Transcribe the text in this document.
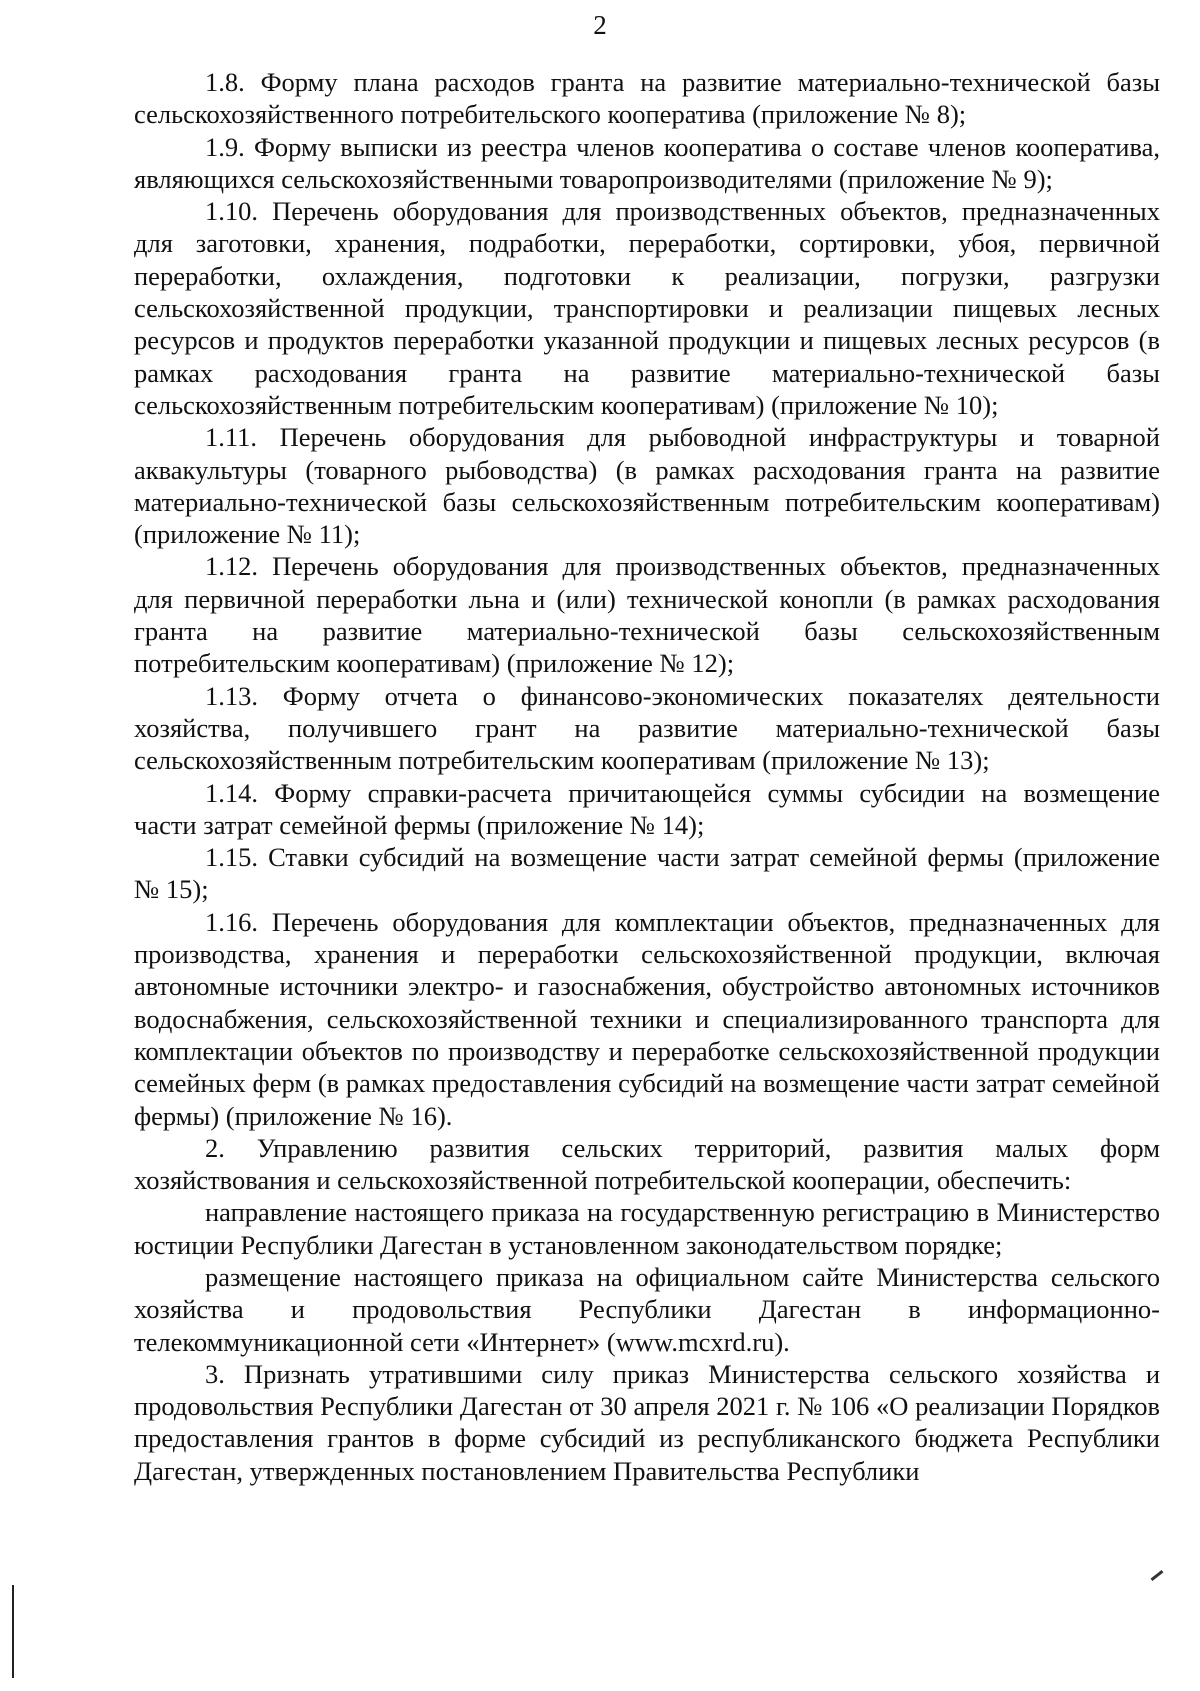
2

1.8. Форму плана расходов гранта на развитие материально-технической базы сельскохозяйственного потребительского кооператива (приложение № 8);

1.9. Форму выписки из реестра членов кооператива о составе членов кооператива, являющихся сельскохозяйственными товаропроизводителями (приложение № 9);

1.10. Перечень оборудования для производственных объектов, предназначенных для заготовки, хранения, подработки, переработки, сортировки, убоя, первичной переработки, охлаждения, подготовки к реализации, погрузки, разгрузки сельскохозяйственной продукции, транспортировки и реализации пищевых лесных ресурсов и продуктов переработки указанной продукции и пищевых лесных ресурсов (в рамках расходования гранта на развитие материально-технической базы сельскохозяйственным потребительским кооперативам) (приложение № 10);

1.11. Перечень оборудования для рыбоводной инфраструктуры и товарной аквакультуры (товарного рыбоводства) (в рамках расходования гранта на развитие материально-технической базы сельскохозяйственным потребительским кооперативам) (приложение № 11);

1.12. Перечень оборудования для производственных объектов, предназначенных для первичной переработки льна и (или) технической конопли (в рамках расходования гранта на развитие материально-технической базы сельскохозяйственным потребительским кооперативам) (приложение № 12);

1.13. Форму отчета о финансово-экономических показателях деятельности хозяйства, получившего грант на развитие материально-технической базы сельскохозяйственным потребительским кооперативам (приложение № 13);

1.14. Форму справки-расчета причитающейся суммы субсидии на возмещение части затрат семейной фермы (приложение № 14);

1.15. Ставки субсидий на возмещение части затрат семейной фермы (приложение № 15);

1.16. Перечень оборудования для комплектации объектов, предназначенных для производства, хранения и переработки сельскохозяйственной продукции, включая автономные источники электро- и газоснабжения, обустройство автономных источников водоснабжения, сельскохозяйственной техники и специализированного транспорта для комплектации объектов по производству и переработке сельскохозяйственной продукции семейных ферм (в рамках предоставления субсидий на возмещение части затрат семейной фермы) (приложение № 16).

2. Управлению развития сельских территорий, развития малых форм хозяйствования и сельскохозяйственной потребительской кооперации, обеспечить:

направление настоящего приказа на государственную регистрацию в Министерство юстиции Республики Дагестан в установленном законодательством порядке;

размещение настоящего приказа на официальном сайте Министерства сельского хозяйства и продовольствия Республики Дагестан в информационно-телекоммуникационной сети «Интернет» (www.mcxrd.ru).

3. Признать утратившими силу приказ Министерства сельского хозяйства и продовольствия Республики Дагестан от 30 апреля 2021 г. № 106 «О реализации Порядков предоставления грантов в форме субсидий из республиканского бюджета Республики Дагестан, утвержденных постановлением Правительства Республики
